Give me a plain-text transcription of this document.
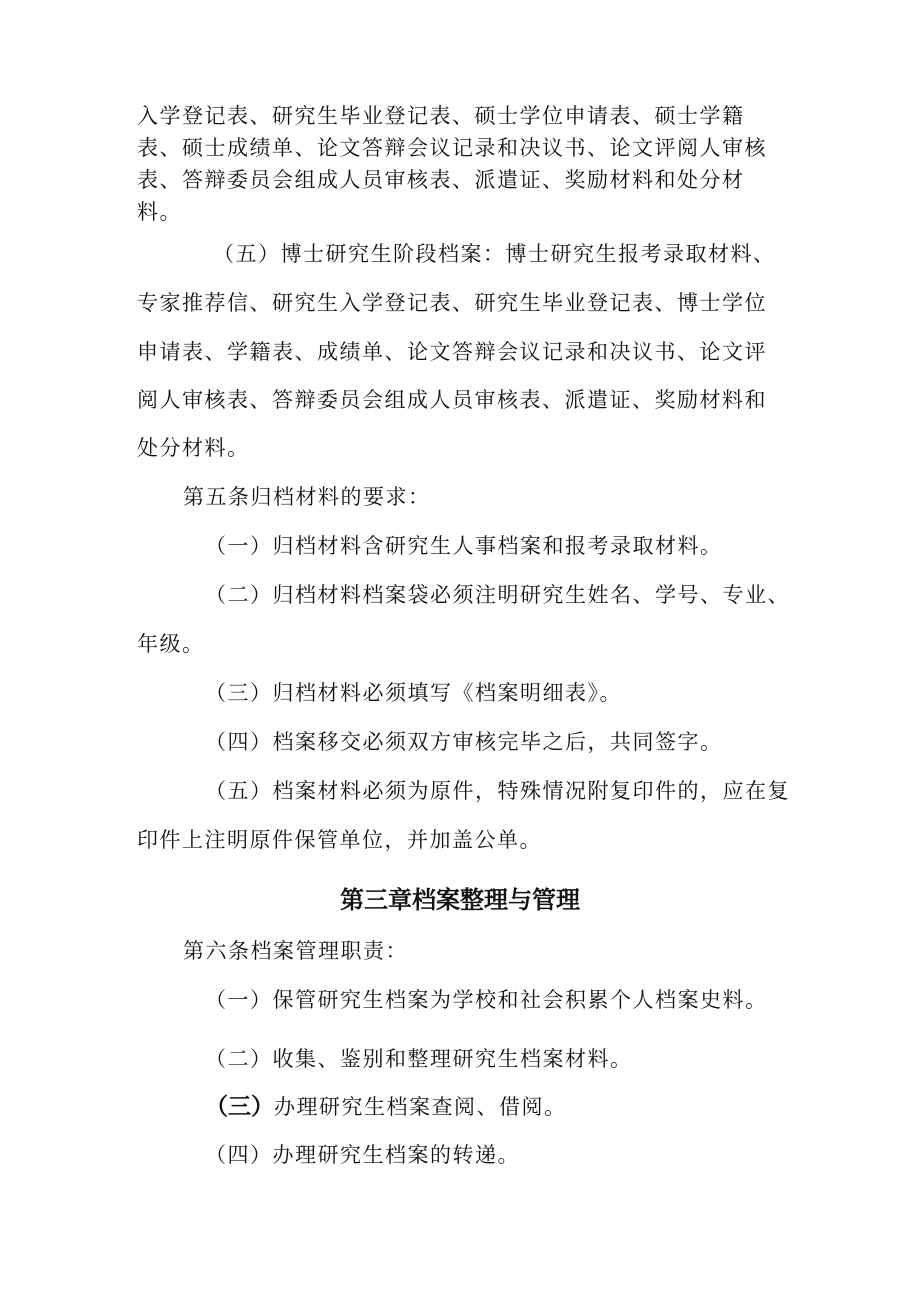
入学登记表、研究生毕业登记表、硕士学位申请表、硕士学籍
表、硕士成绩单、论文答辩会议记录和决议书、论文评阅人审核
表、答辩委员会组成人员审核表、派遣证、奖励材料和处分材
料。
（五）博士研究生阶段档案：博士研究生报考录取材料、
专家推荐信、研究生入学登记表、研究生毕业登记表、博士学位
申请表、学籍表、成绩单、论文答辩会议记录和决议书、论文评
阅人审核表、答辩委员会组成人员审核表、派遣证、奖励材料和
处分材料。
第五条归档材料的要求：
（一）归档材料含研究生人事档案和报考录取材料。
（二）归档材料档案袋必须注明研究生姓名、学号、专业、
年级。
（三）归档材料必须填写《档案明细表》。
（四）档案移交必须双方审核完毕之后，共同签字。
（五）档案材料必须为原件，特殊情况附复印件的，应在复
印件上注明原件保管单位，并加盖公单。
第三章档案整理与管理
第六条档案管理职责：
（一）保管研究生档案为学校和社会积累个人档案史料。
（二）收集、鉴别和整理研究生档案材料。
（三）办理研究生档案查阅、借阅。
（四）办理研究生档案的转递。
